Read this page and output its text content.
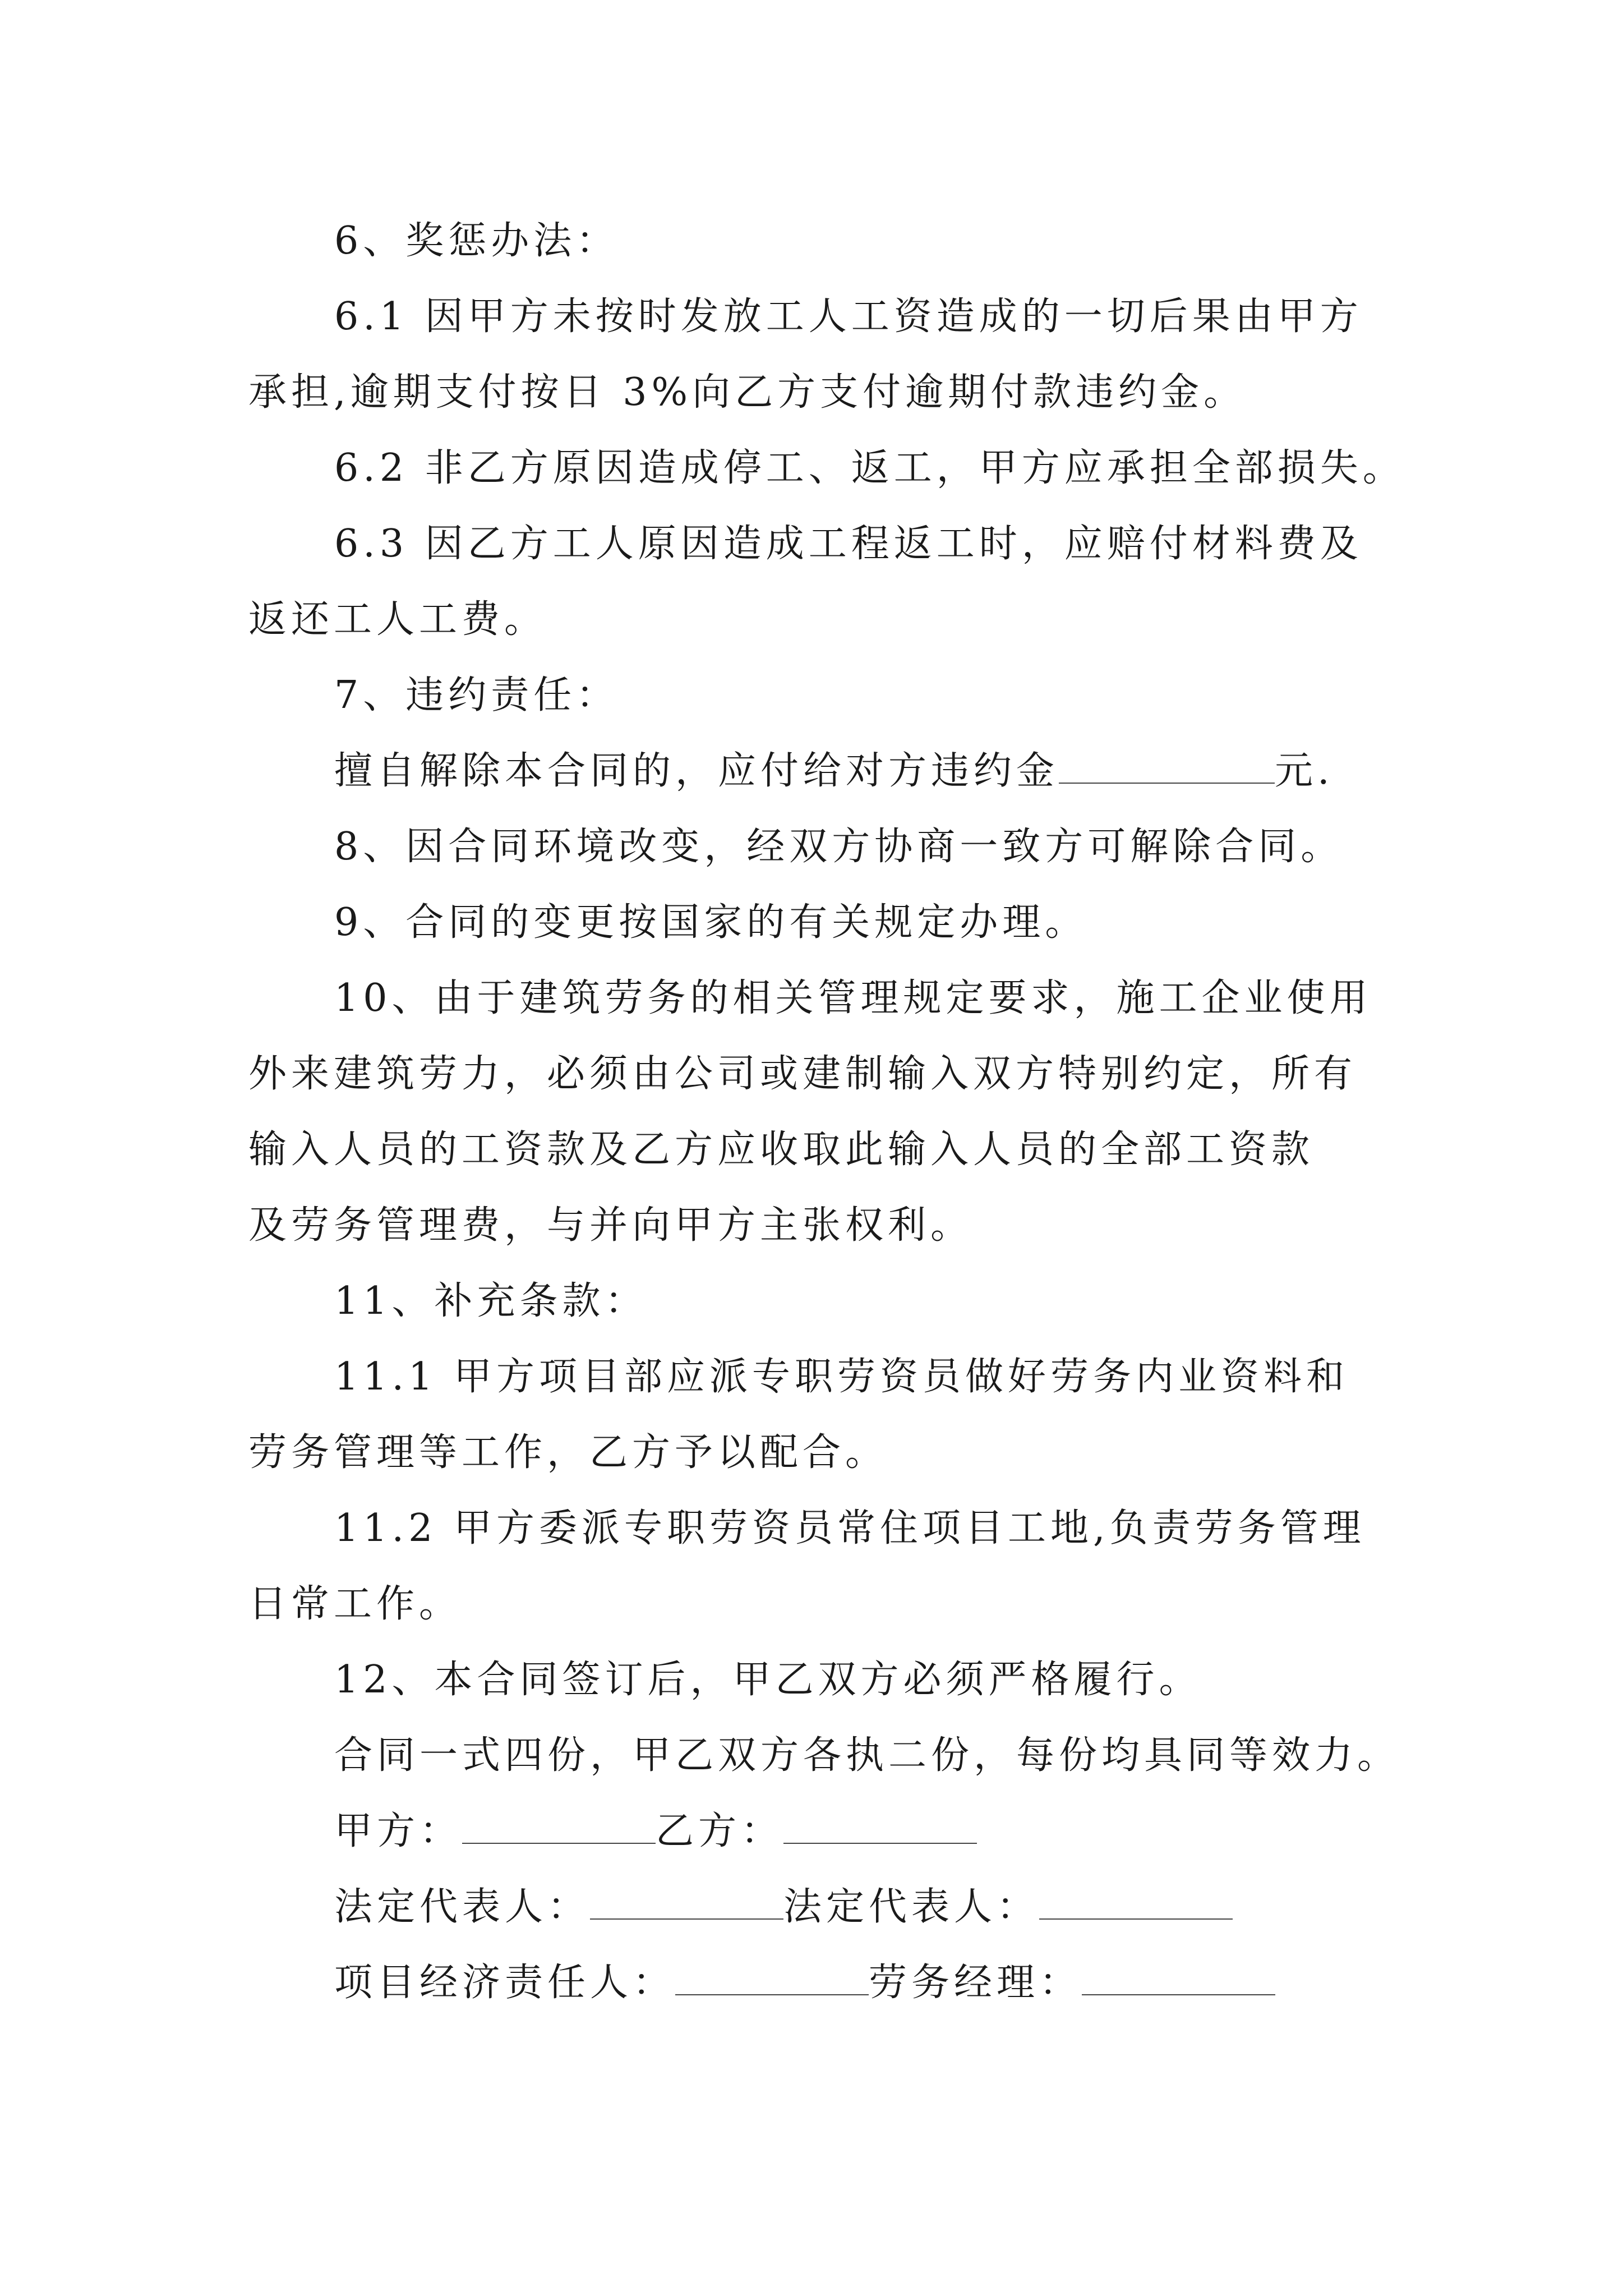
6、奖惩办法：
6.1 因甲方未按时发放工人工资造成的一切后果由甲方
承担,逾期支付按日 3%向乙方支付逾期付款违约金。
6.2 非乙方原因造成停工、返工，甲方应承担全部损失。
6.3 因乙方工人原因造成工程返工时，应赔付材料费及
返还工人工费。
7、违约责任：
擅自解除本合同的，应付给对方违约金	元.
8、因合同环境改变，经双方协商一致方可解除合同。
9、合同的变更按国家的有关规定办理。
10、由于建筑劳务的相关管理规定要求，施工企业使用
外来建筑劳力，必须由公司或建制输入双方特别约定，所有
输入人员的工资款及乙方应收取此输入人员的全部工资款
及劳务管理费，与并向甲方主张权利。
11、补充条款：
11.1 甲方项目部应派专职劳资员做好劳务内业资料和
劳务管理等工作，乙方予以配合。
11.2 甲方委派专职劳资员常住项目工地,负责劳务管理
日常工作。
12、本合同签订后，甲乙双方必须严格履行。
合同一式四份，甲乙双方各执二份，每份均具同等效力。
甲方：	乙方：
法定代表人：	法定代表人：
项目经济责任人：	劳务经理：
